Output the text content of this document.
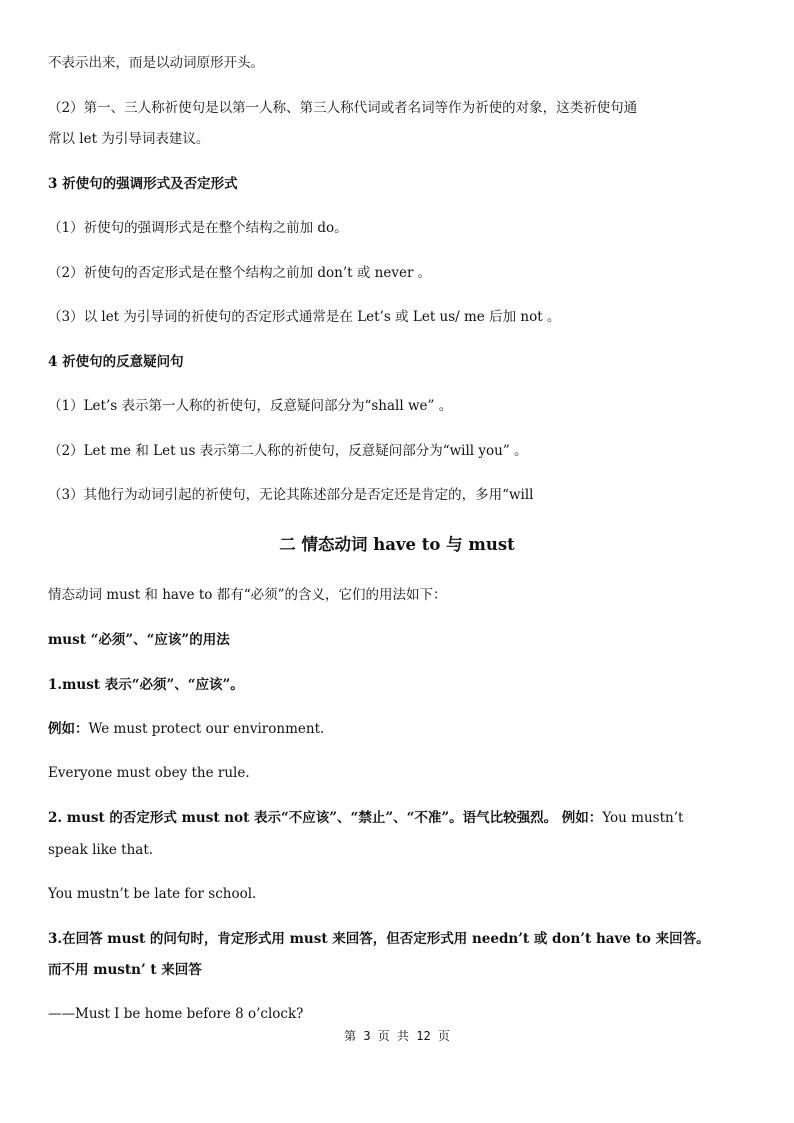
不表示出来，而是以动词原形开头。
（2）第一、三人称祈使句是以第一人称、第三人称代词或者名词等作为祈使的对象，这类祈使句通
常以 let 为引导词表建议。
3 祈使句的强调形式及否定形式
（1）祈使句的强调形式是在整个结构之前加 do。
（2）祈使句的否定形式是在整个结构之前加 don’t 或 never 。
（3）以 let 为引导词的祈使句的否定形式通常是在 Let’s 或 Let us/ me 后加 not 。
4 祈使句的反意疑问句
（1）Let’s 表示第一人称的祈使句，反意疑问部分为“shall we” 。
（2）Let me 和 Let us 表示第二人称的祈使句，反意疑问部分为“will you” 。
（3）其他行为动词引起的祈使句，无论其陈述部分是否定还是肯定的，多用“will
二 情态动词 have to 与 must
情态动词 must 和 have to 都有“必须”的含义，它们的用法如下：
must “必须”、“应该”的用法
1.must 表示“必须”、“应该”。
例如：We must protect our environment.
Everyone must obey the rule.
2. must 的否定形式 must not 表示“不应该”、“禁止”、“不准”。语气比较强烈。 例如：You mustn’t
speak like that.
You mustn’t be late for school.
3.在回答 must 的问句时，肯定形式用 must 来回答，但否定形式用 needn’t 或 don’t have to 来回答。
而不用 mustn’ t 来回答
——Must I be home before 8 o’clock?
第 3 页 共 12 页
